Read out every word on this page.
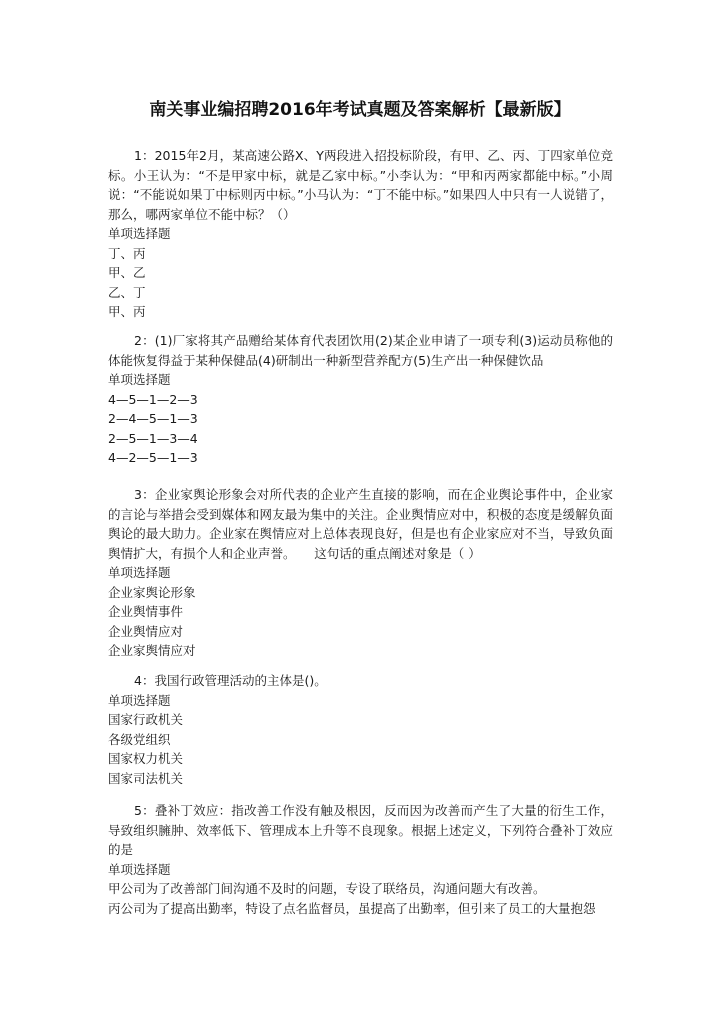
南关事业编招聘2016年考试真题及答案解析【最新版】

1：2015年2月，某高速公路X、Y两段进入招投标阶段，有甲、乙、丙、丁四家单位竞标。小王认为：“不是甲家中标，就是乙家中标。”小李认为：“甲和丙两家都能中标。”小周说：“不能说如果丁中标则丙中标。”小马认为：“丁不能中标。”如果四人中只有一人说错了，那么，哪两家单位不能中标？（）

单项选择题

丁、丙
甲、乙
乙、丁
甲、丙

2：(1)厂家将其产品赠给某体育代表团饮用(2)某企业申请了一项专利(3)运动员称他的体能恢复得益于某种保健品(4)研制出一种新型营养配方(5)生产出一种保健饮品

单项选择题

4—5—1—2—3
2—4—5—1—3
2—5—1—3—4
4—2—5—1—3

3：企业家舆论形象会对所代表的企业产生直接的影响，而在企业舆论事件中，企业家的言论与举措会受到媒体和网友最为集中的关注。企业舆情应对中，积极的态度是缓解负面舆论的最大助力。企业家在舆情应对上总体表现良好，但是也有企业家应对不当，导致负面舆情扩大，有损个人和企业声誉。　　这句话的重点阐述对象是（ ）

单项选择题

企业家舆论形象
企业舆情事件
企业舆情应对
企业家舆情应对

4：我国行政管理活动的主体是()。

单项选择题

国家行政机关
各级党组织
国家权力机关
国家司法机关

5：叠补丁效应：指改善工作没有触及根因，反而因为改善而产生了大量的衍生工作，导致组织臃肿、效率低下、管理成本上升等不良现象。根据上述定义，下列符合叠补丁效应的是

单项选择题

甲公司为了改善部门间沟通不及时的问题，专设了联络员，沟通问题大有改善。
丙公司为了提高出勤率，特设了点名监督员，虽提高了出勤率，但引来了员工的大量抱怨
